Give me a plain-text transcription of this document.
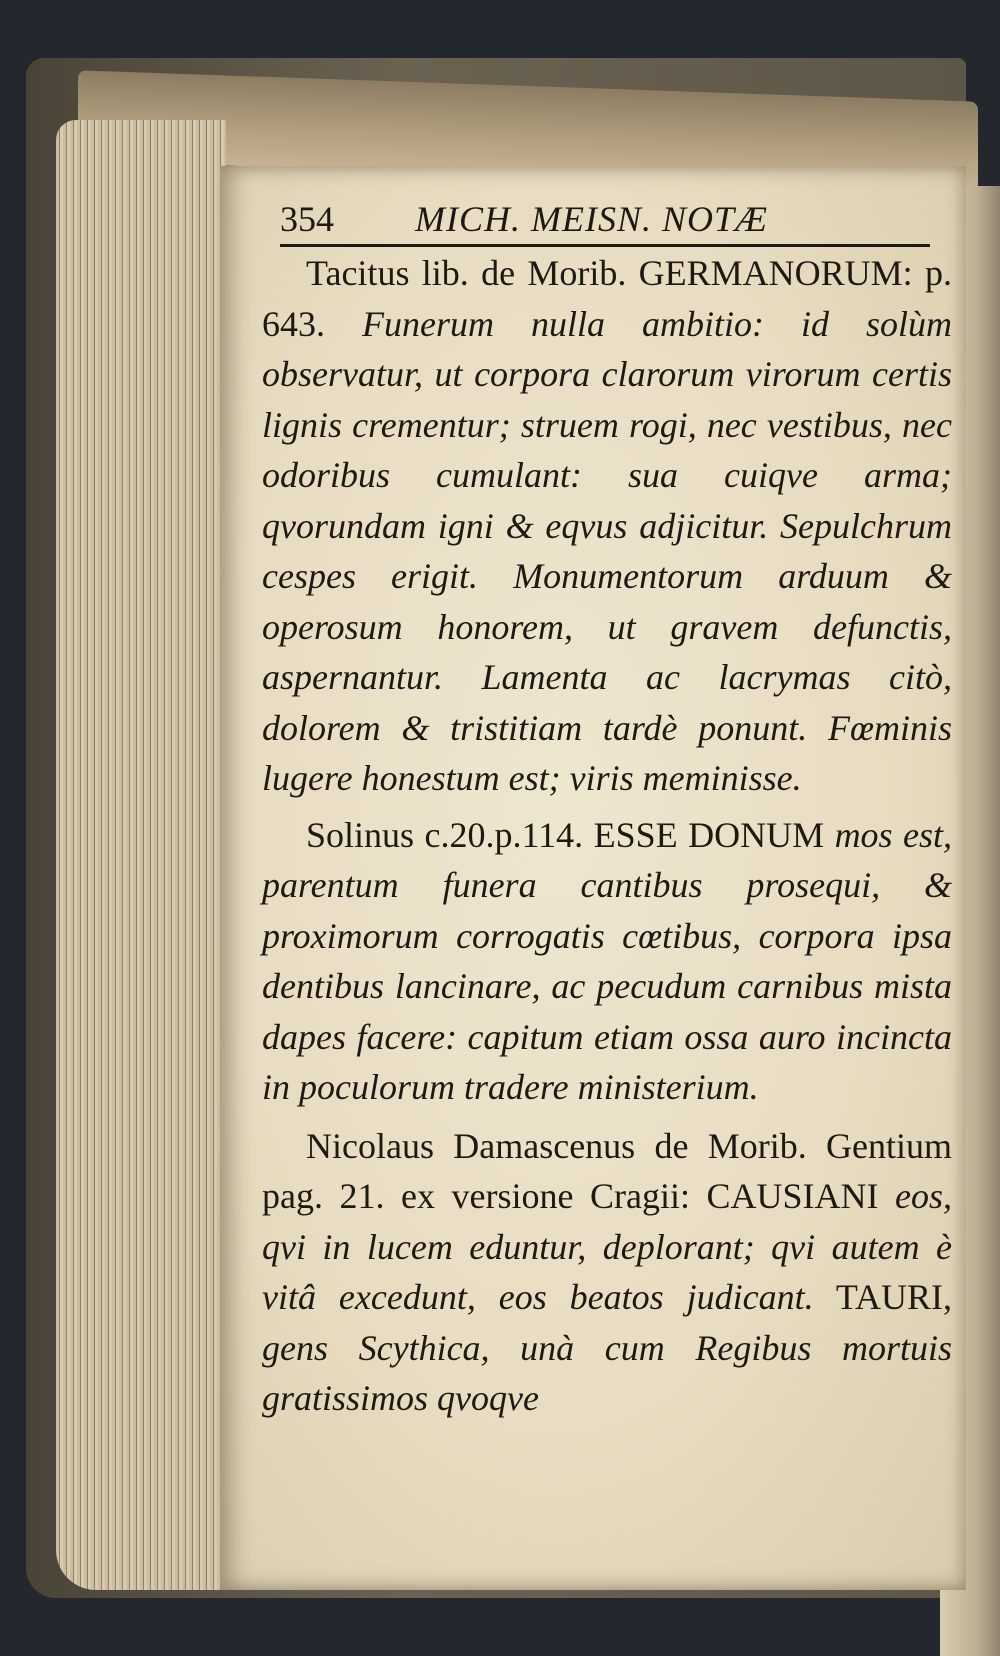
354 MICH. MEISN. NOTÆ

Tacitus lib. de Morib. GERMANORUM: p. 643. Funerum nulla ambitio: id solùm observatur, ut corpora clarorum virorum certis lignis crementur; struem rogi, nec vestibus, nec odoribus cumulant: sua cuiqve arma; qvorundam igni & eqvus adjicitur. Sepulchrum cespes erigit. Monumentorum arduum & operosum honorem, ut gravem defunctis, aspernantur. Lamenta ac lacrymas citò, dolorem & tristitiam tardè ponunt. Fœminis lugere honestum est; viris meminisse.

Solinus c.20.p.114. ESSE DONUM mos est, parentum funera cantibus prosequi, & proximorum corrogatis cœtibus, corpora ipsa dentibus lancinare, ac pecudum carnibus mista dapes facere: capitum etiam ossa auro incincta in poculorum tradere ministerium.

Nicolaus Damascenus de Morib. Gentium pag. 21. ex versione Cragii: CAUSIANI eos, qvi in lucem eduntur, deplorant; qvi autem è vitâ excedunt, eos beatos judicant. TAURI, gens Scythica, unà cum Regibus mortuis gratissimos qvoqve
